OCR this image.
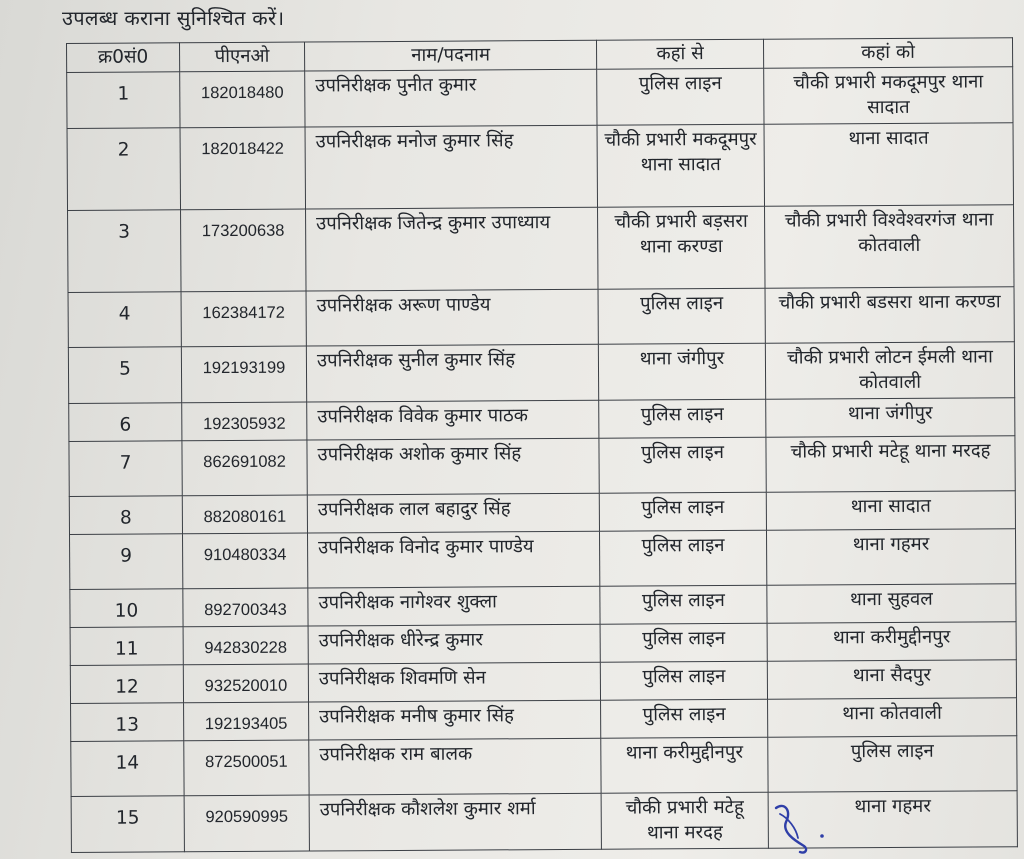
उपलब्ध कराना सुनिश्चित करें।
क्र0सं0	पीएनओ	नाम/पदनाम	कहां से	कहां को
1	182018480	उपनिरीक्षक पुनीत कुमार	पुलिस लाइन	चौकी प्रभारी मकदूमपुर थाना सादात
2	182018422	उपनिरीक्षक मनोज कुमार सिंह	चौकी प्रभारी मकदूमपुर थाना सादात	थाना सादात
3	173200638	उपनिरीक्षक जितेन्द्र कुमार उपाध्याय	चौकी प्रभारी बड़सरा थाना करण्डा	चौकी प्रभारी विश्वेश्वरगंज थाना कोतवाली
4	162384172	उपनिरीक्षक अरूण पाण्डेय	पुलिस लाइन	चौकी प्रभारी बडसरा थाना करण्डा
5	192193199	उपनिरीक्षक सुनील कुमार सिंह	थाना जंगीपुर	चौकी प्रभारी लोटन ईमली थाना कोतवाली
6	192305932	उपनिरीक्षक विवेक कुमार पाठक	पुलिस लाइन	थाना जंगीपुर
7	862691082	उपनिरीक्षक अशोक कुमार सिंह	पुलिस लाइन	चौकी प्रभारी मटेहू थाना मरदह
8	882080161	उपनिरीक्षक लाल बहादुर सिंह	पुलिस लाइन	थाना सादात
9	910480334	उपनिरीक्षक विनोद कुमार पाण्डेय	पुलिस लाइन	थाना गहमर
10	892700343	उपनिरीक्षक नागेश्वर शुक्ला	पुलिस लाइन	थाना सुहवल
11	942830228	उपनिरीक्षक धीरेन्द्र कुमार	पुलिस लाइन	थाना करीमुद्दीनपुर
12	932520010	उपनिरीक्षक शिवमणि सेन	पुलिस लाइन	थाना सैदपुर
13	192193405	उपनिरीक्षक मनीष कुमार सिंह	पुलिस लाइन	थाना कोतवाली
14	872500051	उपनिरीक्षक राम बालक	थाना करीमुद्दीनपुर	पुलिस लाइन
15	920590995	उपनिरीक्षक कौशलेश कुमार शर्मा	चौकी प्रभारी मटेहू थाना मरदह	थाना गहमर
